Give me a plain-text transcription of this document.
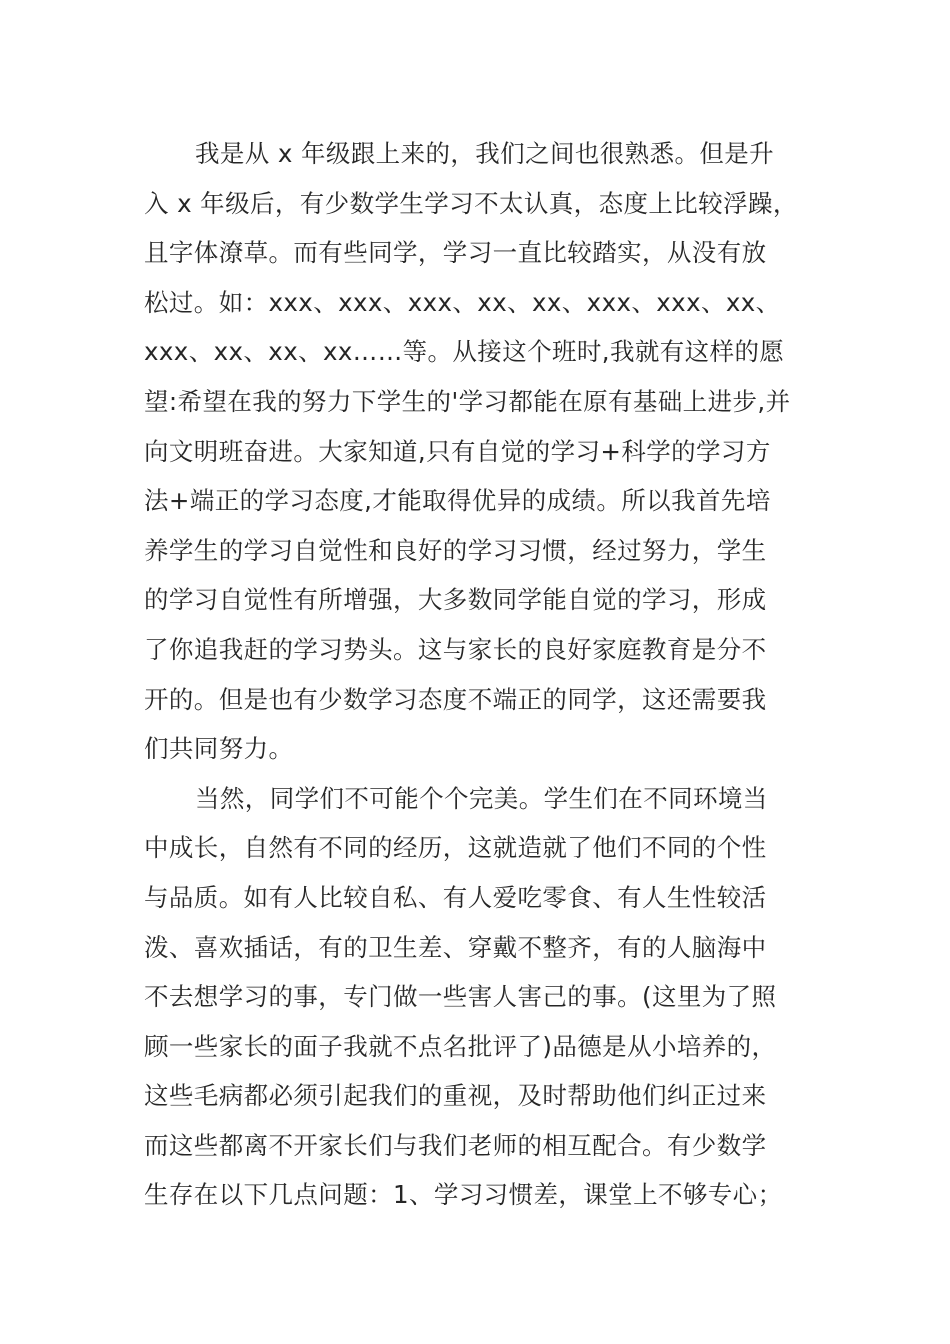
我是从 x 年级跟上来的，我们之间也很熟悉。但是升
入 x 年级后，有少数学生学习不太认真，态度上比较浮躁，
且字体潦草。而有些同学，学习一直比较踏实，从没有放
松过。如：xxx、xxx、xxx、xx、xx、xxx、xxx、xx、
xxx、xx、xx、xx……等。从接这个班时,我就有这样的愿
望:希望在我的努力下学生的'学习都能在原有基础上进步,并
向文明班奋进。大家知道,只有自觉的学习+科学的学习方
法+端正的学习态度,才能取得优异的成绩。所以我首先培
养学生的学习自觉性和良好的学习习惯，经过努力，学生
的学习自觉性有所增强，大多数同学能自觉的学习，形成
了你追我赶的学习势头。这与家长的良好家庭教育是分不
开的。但是也有少数学习态度不端正的同学，这还需要我
们共同努力。
当然，同学们不可能个个完美。学生们在不同环境当
中成长，自然有不同的经历，这就造就了他们不同的个性
与品质。如有人比较自私、有人爱吃零食、有人生性较活
泼、喜欢插话，有的卫生差、穿戴不整齐，有的人脑海中
不去想学习的事，专门做一些害人害己的事。(这里为了照
顾一些家长的面子我就不点名批评了)品德是从小培养的，
这些毛病都必须引起我们的重视，及时帮助他们纠正过来
而这些都离不开家长们与我们老师的相互配合。有少数学
生存在以下几点问题：1、学习习惯差，课堂上不够专心；
